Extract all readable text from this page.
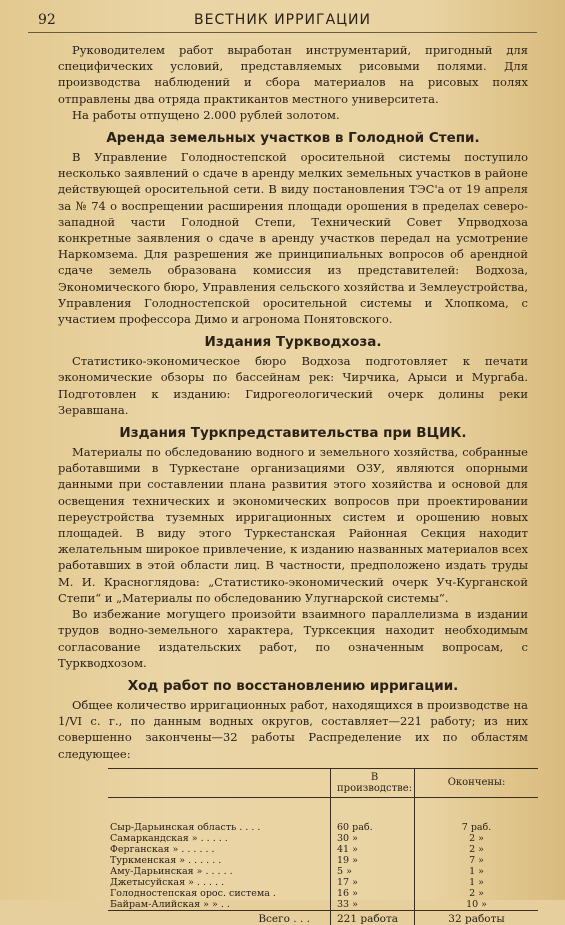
92	ВЕСТНИК ИРРИГАЦИИ

Руководителем работ выработан инструментарий, пригодный для специфических условий, представляемых рисовыми полями. Для производства наблюдений и сбора материалов на рисовых полях отправлены два отряда практикантов местного университета.

На работы отпущено 2.000 рублей золотом.

Аренда земельных участков в Голодной Степи.

В Управление Голодностепской оросительной системы поступило несколько заявлений о сдаче в аренду мелких земельных участков в районе действующей оросительной сети. В виду постановления ТЭС'а от 19 апреля за № 74 о воспрещении расширения площади орошения в пределах северо-западной части Голодной Степи, Технический Совет Упрводхоза конкретные заявления о сдаче в аренду участков передал на усмотрение Наркомзема. Для разрешения же принципиальных вопросов об арендной сдаче земель образована комиссия из представителей: Водхоза, Экономического бюро, Управления сельского хозяйства и Землеустройства, Управления Голодностепской оросительной системы и Хлопкома, с участием профессора Димо и агронома Понятовского.

Издания Турквoдхоза.

Статистико-экономическое бюро Водхоза подготовляет к печати экономические обзоры по бассейнам рек: Чирчика, Арыси и Мургаба. Подготовлен к изданию: Гидрогеологический очерк долины реки Зеравшана.

Издания Туркпредставительства при ВЦИК.

Материалы по обследованию водного и земельного хозяйства, собранные работавшими в Туркестане организациями ОЗУ, являются опорными данными при составлении плана развития этого хозяйства и основой для освещения технических и экономических вопросов при проектировании переустройства туземных ирригационных систем и орошению новых площадей. В виду этого Туркестанская Районная Секция находит желательным широкое привлечение, к изданию названных материалов всех работавших в этой области лиц. В частности, предположено издать труды М. И. Красноглядова: „Статистико-экономический очерк Уч-Курганской Степи“ и „Материалы по обследованию Улугнарской системы“.

Во избежание могущего произойти взаимного параллелизма в издании трудов водно-земельного характера, Турксекция находит необходимым согласование издательских работ, по означенным вопросам, с Турквoдхозом.

Ход работ по восстановлению ирригации.

Общее количество ирригационных работ, находящихся в производстве на 1/VI с. г., по данным водных округов, составляет—221 работу; из них совершенно закончены—32 работы Распределение их по областям следующее:

	В производстве:	Окончены:

Сыр-Дарьинская область . . . .	60 раб.	7 раб.
Самаркандская » . . . . .	30 »	2 »
Ферганская » . . . . . .	41 »	2 »
Туркменская » . . . . . .	19 »	7 »
Аму-Дарьинская » . . . . .	5 »	1 »
Джетысуйская » . . . . .	17 »	1 »
Голодностепская орос. система .	16 »	2 »
Байрам-Алийская » » . .	33 »	10 »
Всего . . .	221 работа	32 работы
